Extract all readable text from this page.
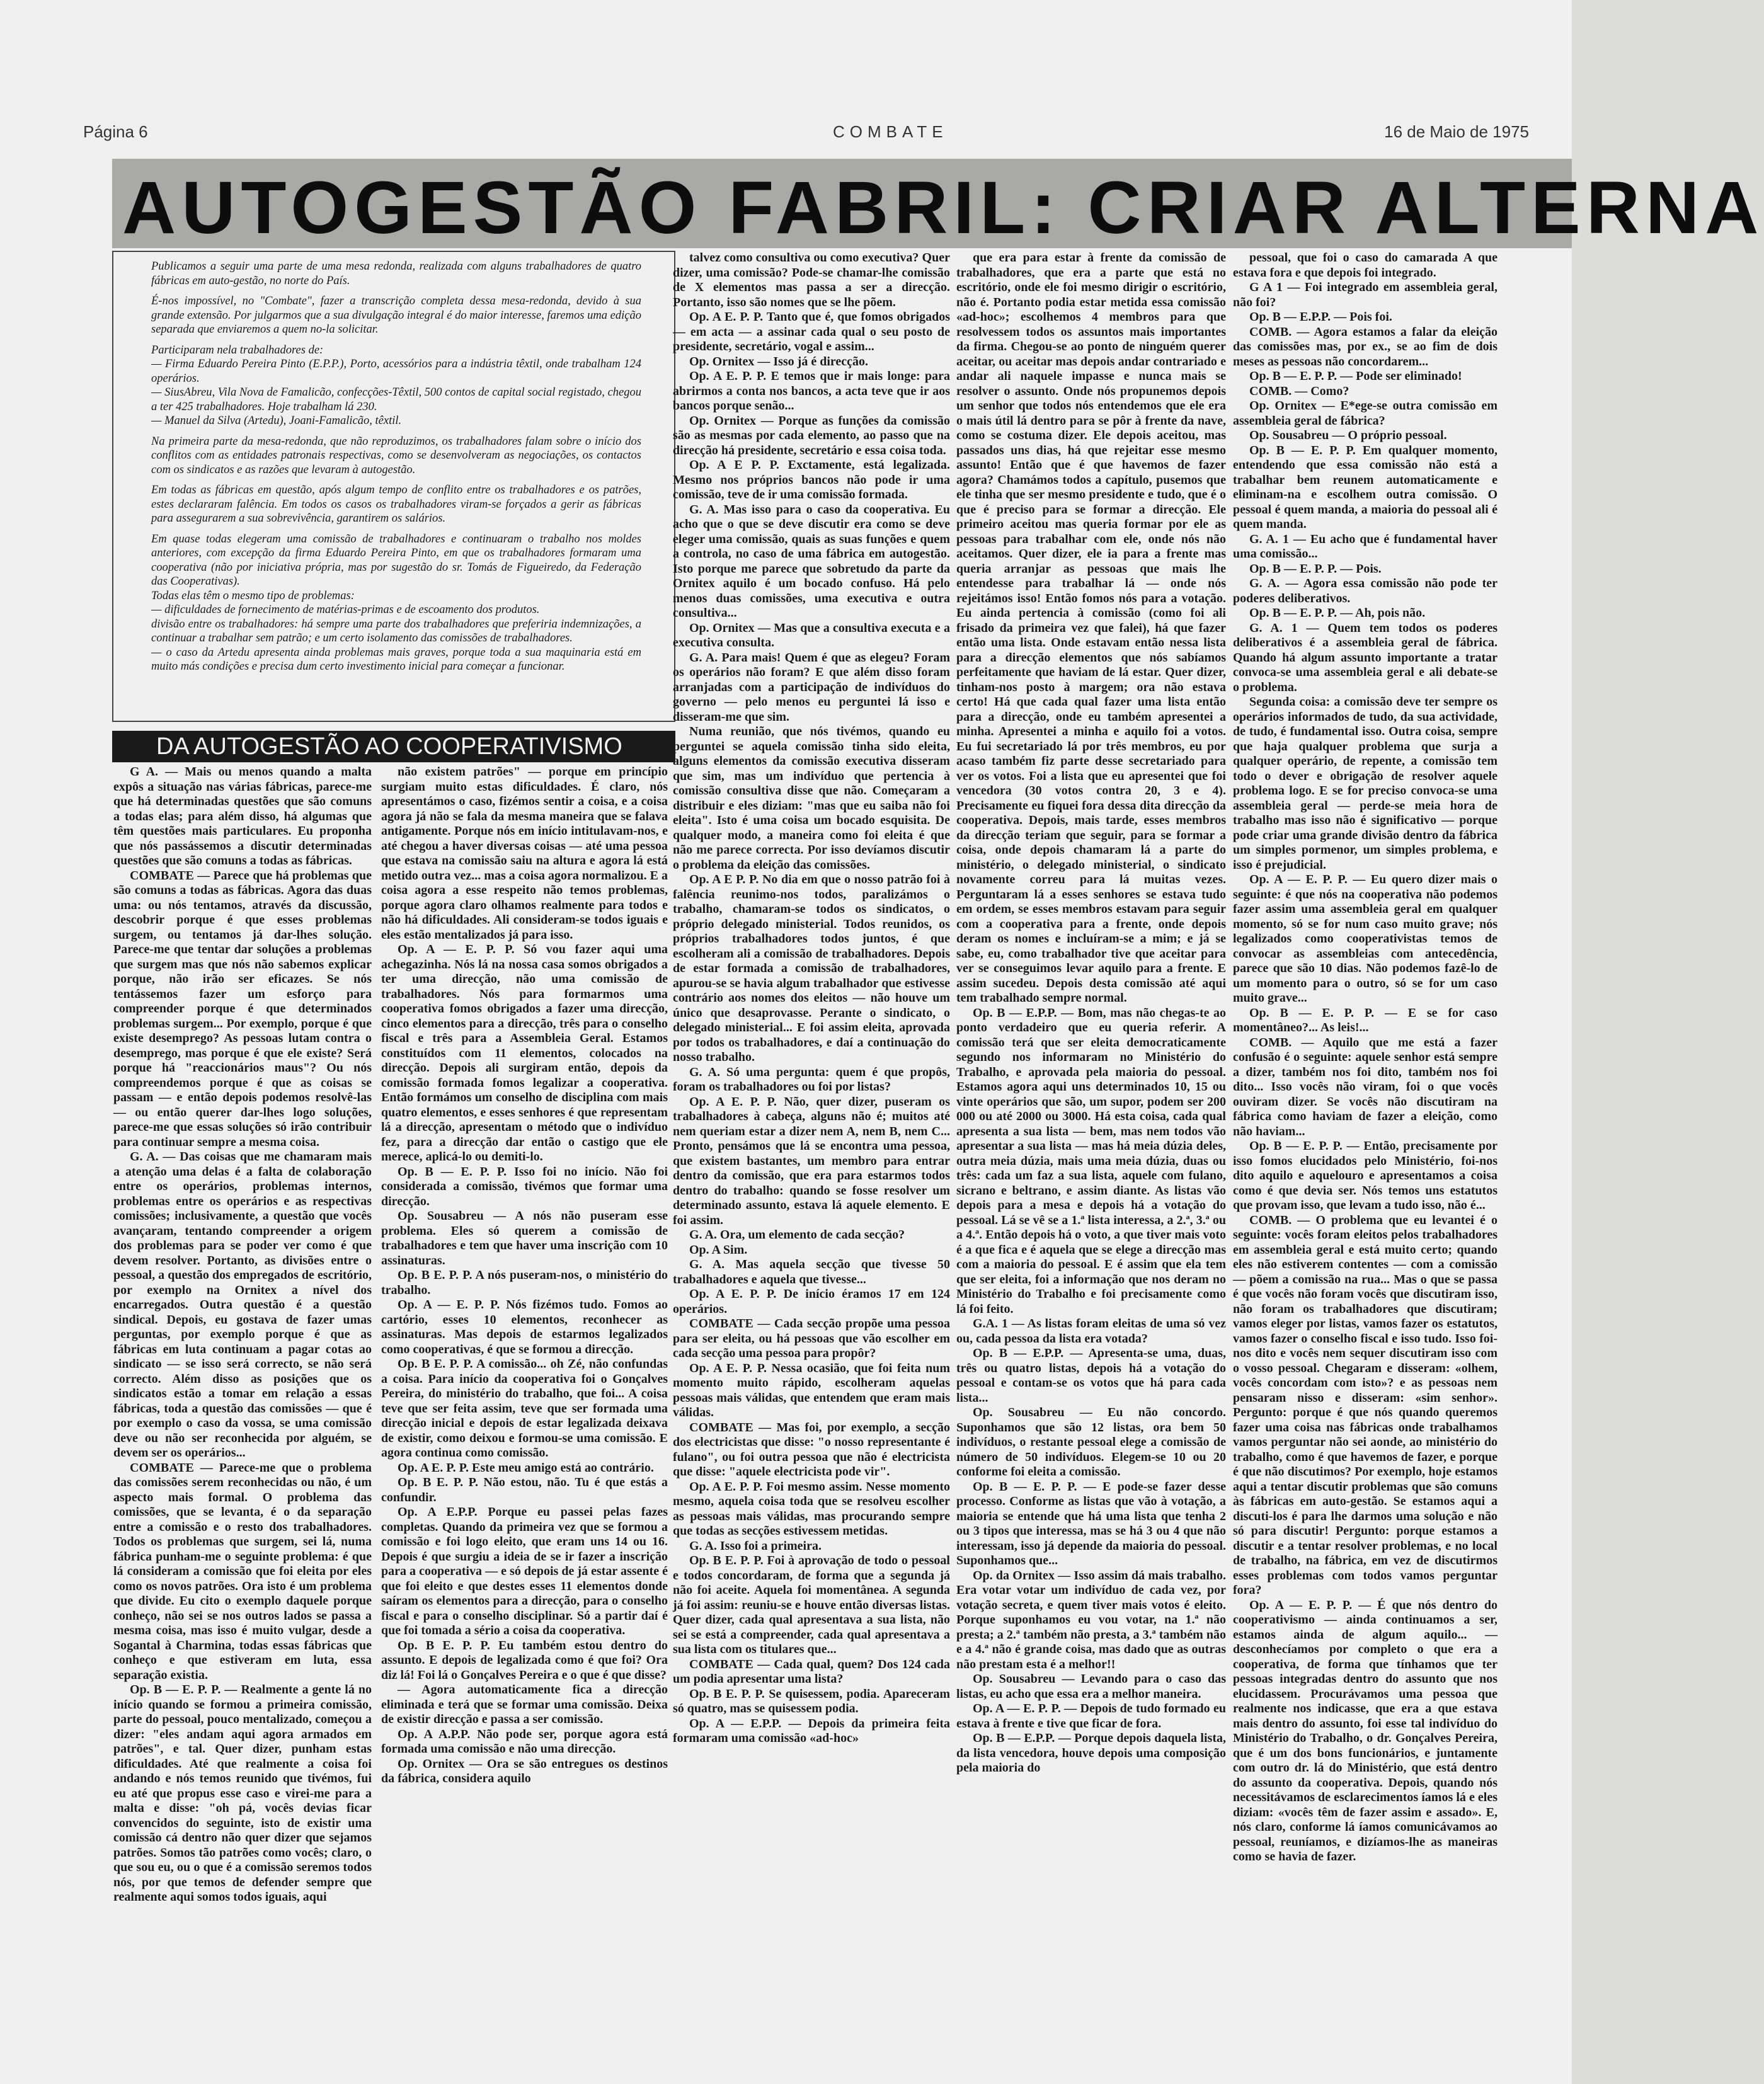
Página 6	COMBATE	16 de Maio de 1975
AUTOGESTÃO FABRIL: CRIAR ALTERNA

Publicamos a seguir uma parte de uma mesa redonda, realizada com alguns trabalhadores de quatro fábricas em auto-gestão, no norte do País.

É-nos impossível, no "Combate", fazer a transcrição completa dessa mesa-redonda, devido à sua grande extensão. Por julgarmos que a sua divulgação integral é do maior interesse, faremos uma edição separada que enviaremos a quem no-la solicitar.

Participaram nela trabalhadores de:

— Firma Eduardo Pereira Pinto (E.P.P.), Porto, acessórios para a indústria têxtil, onde trabalham 124 operários.

— SiusAbreu, Vila Nova de Famalicão, confecções-Têxtil, 500 contos de capital social registado, chegou a ter 425 trabalhadores. Hoje trabalham lá 230.

— Manuel da Silva (Artedu), Joani-Famalicão, têxtil.

Na primeira parte da mesa-redonda, que não reproduzimos, os trabalhadores falam sobre o início dos conflitos com as entidades patronais respectivas, como se desenvolveram as negociações, os contactos com os sindicatos e as razões que levaram à autogestão.

Em todas as fábricas em questão, após algum tempo de conflito entre os trabalhadores e os patrões, estes declararam falência. Em todos os casos os trabalhadores viram-se forçados a gerir as fábricas para assegurarem a sua sobrevivência, garantirem os salários.

Em quase todas elegeram uma comissão de trabalhadores e continuaram o trabalho nos moldes anteriores, com excepção da firma Eduardo Pereira Pinto, em que os trabalhadores formaram uma cooperativa (não por iniciativa própria, mas por sugestão do sr. Tomás de Figueiredo, da Federação das Cooperativas).

Todas elas têm o mesmo tipo de problemas:

— dificuldades de fornecimento de matérias-primas e de escoamento dos produtos.

divisão entre os trabalhadores: há sempre uma parte dos trabalhadores que preferiria indemnizações, a continuar a trabalhar sem patrão; e um certo isolamento das comissões de trabalhadores.

— o caso da Artedu apresenta ainda problemas mais graves, porque toda a sua maquinaria está em muito más condições e precisa dum certo investimento inicial para começar a funcionar.

DA AUTOGESTÃO AO COOPERATIVISMO

G A. — Mais ou menos quando a malta expôs a situação nas várias fábricas, parece-me que há determinadas questões que são comuns a todas elas; para além disso, há algumas que têm questões mais particulares. Eu proponha que nós passássemos a discutir determinadas questões que são comuns a todas as fábricas.

COMBATE — Parece que há problemas que são comuns a todas as fábricas. Agora das duas uma: ou nós tentamos, através da discussão, descobrir porque é que esses problemas surgem, ou tentamos já dar-lhes solução. Parece-me que tentar dar soluções a problemas que surgem mas que nós não sabemos explicar porque, não irão ser eficazes. Se nós tentássemos fazer um esforço para compreender porque é que determinados problemas surgem... Por exemplo, porque é que existe desemprego? As pessoas lutam contra o desemprego, mas porque é que ele existe? Será porque há "reaccionários maus"? Ou nós compreendemos porque é que as coisas se passam — e então depois podemos resolvê-las — ou então querer dar-lhes logo soluções, parece-me que essas soluções só irão contribuir para continuar sempre a mesma coisa.

G. A. — Das coisas que me chamaram mais a atenção uma delas é a falta de colaboração entre os operários, problemas internos, problemas entre os operários e as respectivas comissões; inclusivamente, a questão que vocês avançaram, tentando compreender a origem dos problemas para se poder ver como é que devem resolver. Portanto, as divisões entre o pessoal, a questão dos empregados de escritório, por exemplo na Ornitex a nível dos encarregados. Outra questão é a questão sindical. Depois, eu gostava de fazer umas perguntas, por exemplo porque é que as fábricas em luta continuam a pagar cotas ao sindicato — se isso será correcto, se não será correcto. Além disso as posições que os sindicatos estão a tomar em relação a essas fábricas, toda a questão das comissões — que é por exemplo o caso da vossa, se uma comissão deve ou não ser reconhecida por alguém, se devem ser os operários...

COMBATE — Parece-me que o problema das comissões serem reconhecidas ou não, é um aspecto mais formal. O problema das comissões, que se levanta, é o da separação entre a comissão e o resto dos trabalhadores. Todos os problemas que surgem, sei lá, numa fábrica punham-me o seguinte problema: é que lá consideram a comissão que foi eleita por eles como os novos patrões. Ora isto é um problema que divide. Eu cito o exemplo daquele porque conheço, não sei se nos outros lados se passa a mesma coisa, mas isso é muito vulgar, desde a Sogantal à Charmina, todas essas fábricas que conheço e que estiveram em luta, essa separação existia.

Op. B — E. P. P. — Realmente a gente lá no início quando se formou a primeira comissão, parte do pessoal, pouco mentalizado, começou a dizer: "eles andam aqui agora armados em patrões", e tal. Quer dizer, punham estas dificuldades. Até que realmente a coisa foi andando e nós temos reunido que tivémos, fui eu até que propus esse caso e virei-me para a malta e disse: "oh pá, vocês devias ficar convencidos do seguinte, isto de existir uma comissão cá dentro não quer dizer que sejamos patrões. Somos tão patrões como vocês; claro, o que sou eu, ou o que é a comissão seremos todos nós, por que temos de defender sempre que realmente aqui somos todos iguais, aqui

não existem patrões" — porque em princípio surgiam muito estas dificuldades. É claro, nós apresentámos o caso, fizémos sentir a coisa, e a coisa agora já não se fala da mesma maneira que se falava antigamente. Porque nós em início intitulavam-nos, e até chegou a haver diversas coisas — até uma pessoa que estava na comissão saiu na altura e agora lá está metido outra vez... mas a coisa agora normalizou. E a coisa agora a esse respeito não temos problemas, porque agora claro olhamos realmente para todos e não há dificuldades. Ali consideram-se todos iguais e eles estão mentalizados já para isso.

Op. A — E. P. P. Só vou fazer aqui uma achegazinha. Nós lá na nossa casa somos obrigados a ter uma direcção, não uma comissão de trabalhadores. Nós para formarmos uma cooperativa fomos obrigados a fazer uma direcção, cinco elementos para a direcção, três para o conselho fiscal e três para a Assembleia Geral. Estamos constituídos com 11 elementos, colocados na direcção. Depois ali surgiram então, depois da comissão formada fomos legalizar a cooperativa. Então formámos um conselho de disciplina com mais quatro elementos, e esses senhores é que representam lá a direcção, apresentam o método que o indivíduo fez, para a direcção dar então o castigo que ele merece, aplicá-lo ou demiti-lo.

Op. B — E. P. P. Isso foi no início. Não foi considerada a comissão, tivémos que formar uma direcção.

Op. Sousabreu — A nós não puseram esse problema. Eles só querem a comissão de trabalhadores e tem que haver uma inscrição com 10 assinaturas.

Op. B E. P. P. A nós puseram-nos, o ministério do trabalho.

Op. A — E. P. P. Nós fizémos tudo. Fomos ao cartório, esses 10 elementos, reconhecer as assinaturas. Mas depois de estarmos legalizados como cooperativas, é que se formou a direcção.

Op. B E. P. P. A comissão... oh Zé, não confundas a coisa. Para início da cooperativa foi o Gonçalves Pereira, do ministério do trabalho, que foi... A coisa teve que ser feita assim, teve que ser formada uma direcção inicial e depois de estar legalizada deixava de existir, como deixou e formou-se uma comissão. E agora continua como comissão.

Op. A E. P. P. Este meu amigo está ao contrário.

Op. B E. P. P. Não estou, não. Tu é que estás a confundir.

Op. A E.P.P. Porque eu passei pelas fazes completas. Quando da primeira vez que se formou a comissão e foi logo eleito, que eram uns 14 ou 16. Depois é que surgiu a ideia de se ir fazer a inscrição para a cooperativa — e só depois de já estar assente é que foi eleito e que destes esses 11 elementos donde saíram os elementos para a direcção, para o conselho fiscal e para o conselho disciplinar. Só a partir daí é que foi tomada a sério a coisa da cooperativa.

Op. B E. P. P. Eu também estou dentro do assunto. E depois de legalizada como é que foi? Ora diz lá! Foi lá o Gonçalves Pereira e o que é que disse?

— Agora automaticamente fica a direcção eliminada e terá que se formar uma comissão. Deixa de existir direcção e passa a ser comissão.

Op. A A.P.P. Não pode ser, porque agora está formada uma comissão e não uma direcção.

Op. Ornitex — Ora se são entregues os destinos da fábrica, considera aquilo

talvez como consultiva ou como executiva? Quer dizer, uma comissão? Pode-se chamar-lhe comissão de X elementos mas passa a ser a direcção. Portanto, isso são nomes que se lhe põem.

Op. A E. P. P. Tanto que é, que fomos obrigados — em acta — a assinar cada qual o seu posto de presidente, secretário, vogal e assim...

Op. Ornitex — Isso já é direcção.

Op. A E. P. P. E temos que ir mais longe: para abrirmos a conta nos bancos, a acta teve que ir aos bancos porque senão...

Op. Ornitex — Porque as funções da comissão são as mesmas por cada elemento, ao passo que na direcção há presidente, secretário e essa coisa toda.

Op. A E P. P. Exctamente, está legalizada. Mesmo nos próprios bancos não pode ir uma comissão, teve de ir uma comissão formada.

G. A. Mas isso para o caso da cooperativa. Eu acho que o que se deve discutir era como se deve eleger uma comissão, quais as suas funções e quem a controla, no caso de uma fábrica em autogestão. Isto porque me parece que sobretudo da parte da Ornitex aquilo é um bocado confuso. Há pelo menos duas comissões, uma executiva e outra consultiva...

Op. Ornitex — Mas que a consultiva executa e a executiva consulta.

G. A. Para mais! Quem é que as elegeu? Foram os operários não foram? E que além disso foram arranjadas com a participação de indivíduos do governo — pelo menos eu perguntei lá isso e disseram-me que sim.

Numa reunião, que nós tivémos, quando eu perguntei se aquela comissão tinha sido eleita, alguns elementos da comissão executiva disseram que sim, mas um indivíduo que pertencia à comissão consultiva disse que não. Começaram a distribuir e eles diziam: "mas que eu saiba não foi eleita". Isto é uma coisa um bocado esquisita. De qualquer modo, a maneira como foi eleita é que não me parece correcta. Por isso devíamos discutir o problema da eleição das comissões.

Op. A E P. P. No dia em que o nosso patrão foi à falência reunimo-nos todos, paralizámos o trabalho, chamaram-se todos os sindicatos, o próprio delegado ministerial. Todos reunidos, os próprios trabalhadores todos juntos, é que escolheram ali a comissão de trabalhadores. Depois de estar formada a comissão de trabalhadores, apurou-se se havia algum trabalhador que estivesse contrário aos nomes dos eleitos — não houve um único que desaprovasse. Perante o sindicato, o delegado ministerial... E foi assim eleita, aprovada por todos os trabalhadores, e daí a continuação do nosso trabalho.

G. A. Só uma pergunta: quem é que propôs, foram os trabalhadores ou foi por listas?

Op. A E. P. P. Não, quer dizer, puseram os trabalhadores à cabeça, alguns não é; muitos até nem queriam estar a dizer nem A, nem B, nem C... Pronto, pensámos que lá se encontra uma pessoa, que existem bastantes, um membro para entrar dentro da comissão, que era para estarmos todos dentro do trabalho: quando se fosse resolver um determinado assunto, estava lá aquele elemento. E foi assim.

G. A. Ora, um elemento de cada secção?

Op. A Sim.

G. A. Mas aquela secção que tivesse 50 trabalhadores e aquela que tivesse...

Op. A E. P. P. De início éramos 17 em 124 operários.

COMBATE — Cada secção propõe uma pessoa para ser eleita, ou há pessoas que vão escolher em cada secção uma pessoa para propôr?

Op. A E. P. P. Nessa ocasião, que foi feita num momento muito rápido, escolheram aquelas pessoas mais válidas, que entendem que eram mais válidas.

COMBATE — Mas foi, por exemplo, a secção dos electricistas que disse: "o nosso representante é fulano", ou foi outra pessoa que não é electricista que disse: "aquele electricista pode vir".

Op. A E. P. P. Foi mesmo assim. Nesse momento mesmo, aquela coisa toda que se resolveu escolher as pessoas mais válidas, mas procurando sempre que todas as secções estivessem metidas.

G. A. Isso foi a primeira.

Op. B E. P. P. Foi à aprovação de todo o pessoal e todos concordaram, de forma que a segunda já não foi aceite. Aquela foi momentânea. A segunda já foi assim: reuniu-se e houve então diversas listas. Quer dizer, cada qual apresentava a sua lista, não sei se está a compreender, cada qual apresentava a sua lista com os titulares que...

COMBATE — Cada qual, quem? Dos 124 cada um podia apresentar uma lista?

Op. B E. P. P. Se quisessem, podia. Apareceram só quatro, mas se quisessem podia.

Op. A — E.P.P. — Depois da primeira feita formaram uma comissão «ad-hoc»

que era para estar à frente da comissão de trabalhadores, que era a parte que está no escritório, onde ele foi mesmo dirigir o escritório, não é. Portanto podia estar metida essa comissão «ad-hoc»; escolhemos 4 membros para que resolvessem todos os assuntos mais importantes da firma. Chegou-se ao ponto de ninguém querer aceitar, ou aceitar mas depois andar contrariado e andar ali naquele impasse e nunca mais se resolver o assunto. Onde nós propunemos depois um senhor que todos nós entendemos que ele era o mais útil lá dentro para se pôr à frente da nave, como se costuma dizer. Ele depois aceitou, mas passados uns dias, há que rejeitar esse mesmo assunto! Então que é que havemos de fazer agora? Chamámos todos a capítulo, pusemos que ele tinha que ser mesmo presidente e tudo, que é o que é preciso para se formar a direcção. Ele primeiro aceitou mas queria formar por ele as pessoas para trabalhar com ele, onde nós não aceitamos. Quer dizer, ele ia para a frente mas queria arranjar as pessoas que mais lhe entendesse para trabalhar lá — onde nós rejeitámos isso! Então fomos nós para a votação. Eu ainda pertencia à comissão (como foi ali frisado da primeira vez que falei), há que fazer então uma lista. Onde estavam então nessa lista para a direcção elementos que nós sabíamos perfeitamente que haviam de lá estar. Quer dizer, tinham-nos posto à margem; ora não estava certo! Há que cada qual fazer uma lista então para a direcção, onde eu também apresentei a minha. Apresentei a minha e aquilo foi a votos. Eu fui secretariado lá por três membros, eu por acaso também fiz parte desse secretariado para ver os votos. Foi a lista que eu apresentei que foi vencedora (30 votos contra 20, 3 e 4). Precisamente eu fiquei fora dessa dita direcção da cooperativa. Depois, mais tarde, esses membros da direcção teriam que seguir, para se formar a coisa, onde depois chamaram lá a parte do ministério, o delegado ministerial, o sindicato novamente correu para lá muitas vezes. Perguntaram lá a esses senhores se estava tudo em ordem, se esses membros estavam para seguir com a cooperativa para a frente, onde depois deram os nomes e incluíram-se a mim; e já se sabe, eu, como trabalhador tive que aceitar para ver se conseguimos levar aquilo para a frente. E assim sucedeu. Depois desta comissão até aqui tem trabalhado sempre normal.

Op. B — E.P.P. — Bom, mas não chegas-te ao ponto verdadeiro que eu queria referir. A comissão terá que ser eleita democraticamente segundo nos informaram no Ministério do Trabalho, e aprovada pela maioria do pessoal. Estamos agora aqui uns determinados 10, 15 ou vinte operários que são, um supor, podem ser 200 000 ou até 2000 ou 3000. Há esta coisa, cada qual apresenta a sua lista — bem, mas nem todos vão apresentar a sua lista — mas há meia dúzia deles, outra meia dúzia, mais uma meia dúzia, duas ou três: cada um faz a sua lista, aquele com fulano, sicrano e beltrano, e assim diante. As listas vão depois para a mesa e depois há a votação do pessoal. Lá se vê se a 1.ª lista interessa, a 2.ª, 3.ª ou a 4.ª. Então depois há o voto, a que tiver mais voto é a que fica e é aquela que se elege a direcção mas com a maioria do pessoal. E é assim que ela tem que ser eleita, foi a informação que nos deram no Ministério do Trabalho e foi precisamente como lá foi feito.

G.A. 1 — As listas foram eleitas de uma só vez ou, cada pessoa da lista era votada?

Op. B — E.P.P. — Apresenta-se uma, duas, três ou quatro listas, depois há a votação do pessoal e contam-se os votos que há para cada lista...

Op. Sousabreu — Eu não concordo. Suponhamos que são 12 listas, ora bem 50 indivíduos, o restante pessoal elege a comissão de número de 50 indivíduos. Elegem-se 10 ou 20 conforme foi eleita a comissão.

Op. B — E. P. P. — E pode-se fazer desse processo. Conforme as listas que vão à votação, a maioria se entende que há uma lista que tenha 2 ou 3 tipos que interessa, mas se há 3 ou 4 que não interessam, isso já depende da maioria do pessoal. Suponhamos que...

Op. da Ornitex — Isso assim dá mais trabalho. Era votar votar um indivíduo de cada vez, por votação secreta, e quem tiver mais votos é eleito. Porque suponhamos eu vou votar, na 1.ª não presta; a 2.ª também não presta, a 3.ª também não e a 4.ª não é grande coisa, mas dado que as outras não prestam esta é a melhor!!

Op. Sousabreu — Levando para o caso das listas, eu acho que essa era a melhor maneira.

Op. A — E. P. P. — Depois de tudo formado eu estava à frente e tive que ficar de fora.

Op. B — E.P.P. — Porque depois daquela lista, da lista vencedora, houve depois uma composição pela maioria do

pessoal, que foi o caso do camarada A que estava fora e que depois foi integrado.

G A 1 — Foi integrado em assembleia geral, não foi?

Op. B — E.P.P. — Pois foi.

COMB. — Agora estamos a falar da eleição das comissões mas, por ex., se ao fim de dois meses as pessoas não concordarem...

Op. B — E. P. P. — Pode ser eliminado!

COMB. — Como?

Op. Ornitex — E*ege-se outra comissão em assembleia geral de fábrica?

Op. Sousabreu — O próprio pessoal.

Op. B — E. P. P. Em qualquer momento, entendendo que essa comissão não está a trabalhar bem reunem automaticamente e eliminam-na e escolhem outra comissão. O pessoal é quem manda, a maioria do pessoal ali é quem manda.

G. A. 1 — Eu acho que é fundamental haver uma comissão...

Op. B — E. P. P. — Pois.

G. A. — Agora essa comissão não pode ter poderes deliberativos.

Op. B — E. P. P. — Ah, pois não.

G. A. 1 — Quem tem todos os poderes deliberativos é a assembleia geral de fábrica. Quando há algum assunto importante a tratar convoca-se uma assembleia geral e ali debate-se o problema.

Segunda coisa: a comissão deve ter sempre os operários informados de tudo, da sua actividade, de tudo, é fundamental isso. Outra coisa, sempre que haja qualquer problema que surja a qualquer operário, de repente, a comissão tem todo o dever e obrigação de resolver aquele problema logo. E se for preciso convoca-se uma assembleia geral — perde-se meia hora de trabalho mas isso não é significativo — porque pode criar uma grande divisão dentro da fábrica um simples pormenor, um simples problema, e isso é prejudicial.

Op. A — E. P. P. — Eu quero dizer mais o seguinte: é que nós na cooperativa não podemos fazer assim uma assembleia geral em qualquer momento, só se for num caso muito grave; nós legalizados como cooperativistas temos de convocar as assembleias com antecedência, parece que são 10 dias. Não podemos fazê-lo de um momento para o outro, só se for um caso muito grave...

Op. B — E. P. P. — E se for caso momentâneo?... As leis!...

COMB. — Aquilo que me está a fazer confusão é o seguinte: aquele senhor está sempre a dizer, também nos foi dito, também nos foi dito... Isso vocês não viram, foi o que vocês ouviram dizer. Se vocês não discutiram na fábrica como haviam de fazer a eleição, como não haviam...

Op. B — E. P. P. — Então, precisamente por isso fomos elucidados pelo Ministério, foi-nos dito aquilo e aquelouro e apresentamos a coisa como é que devia ser. Nós temos uns estatutos que provam isso, que levam a tudo isso, não é...

COMB. — O problema que eu levantei é o seguinte: vocês foram eleitos pelos trabalhadores em assembleia geral e está muito certo; quando eles não estiverem contentes — com a comissão — põem a comissão na rua... Mas o que se passa é que vocês não foram vocês que discutiram isso, não foram os trabalhadores que discutiram; vamos eleger por listas, vamos fazer os estatutos, vamos fazer o conselho fiscal e isso tudo. Isso foi-nos dito e vocês nem sequer discutiram isso com o vosso pessoal. Chegaram e disseram: «olhem, vocês concordam com isto»? e as pessoas nem pensaram nisso e disseram: «sim senhor». Pergunto: porque é que nós quando queremos fazer uma coisa nas fábricas onde trabalhamos vamos perguntar não sei aonde, ao ministério do trabalho, como é que havemos de fazer, e porque é que não discutimos? Por exemplo, hoje estamos aqui a tentar discutir problemas que são comuns às fábricas em auto-gestão. Se estamos aqui a discuti-los é para lhe darmos uma solução e não só para discutir! Pergunto: porque estamos a discutir e a tentar resolver problemas, e no local de trabalho, na fábrica, em vez de discutirmos esses problemas com todos vamos perguntar fora?

Op. A — E. P. P. — É que nós dentro do cooperativismo — ainda continuamos a ser, estamos ainda de algum aquilo... — desconhecíamos por completo o que era a cooperativa, de forma que tínhamos que ter pessoas integradas dentro do assunto que nos elucidassem. Procurávamos uma pessoa que realmente nos indicasse, que era a que estava mais dentro do assunto, foi esse tal indivíduo do Ministério do Trabalho, o dr. Gonçalves Pereira, que é um dos bons funcionários, e juntamente com outro dr. lá do Ministério, que está dentro do assunto da cooperativa. Depois, quando nós necessitávamos de esclarecimentos íamos lá e eles diziam: «vocês têm de fazer assim e assado». E, nós claro, conforme lá íamos comunicávamos ao pessoal, reuníamos, e dizíamos-lhe as maneiras como se havia de fazer.
